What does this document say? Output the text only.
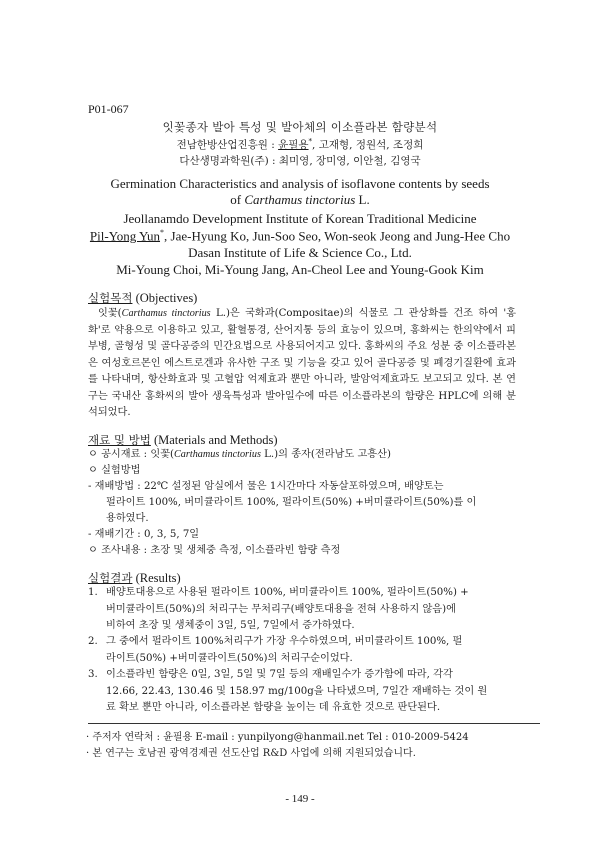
P01-067
잇꽃종자 발아 특성 및 발아체의 이소플라본 함량분석
전남한방산업진흥원 : 윤필용*, 고재형, 정원석, 조정희
다산생명과학원(주) : 최미영, 장미영, 이안철, 김영국
Germination Characteristics and analysis of isoflavone contents by seeds
of Carthamus tinctorius L.
Jeollanamdo Development Institute of Korean Traditional Medicine
Pil-Yong Yun*, Jae-Hyung Ko, Jun-Soo Seo, Won-seok Jeong and Jung-Hee Cho
Dasan Institute of Life & Science Co., Ltd.
Mi-Young Choi, Mi-Young Jang, An-Cheol Lee and Young-Gook Kim
실험목적 (Objectives)
잇꽃(Carthamus tinctorius L.)은 국화과(Compositae)의 식물로 그 관상화를 건조 하여 '홍화'로 약용으로 이용하고 있고, 활혈통경, 산어지통 등의 효능이 있으며, 홍화씨는 한의약에서 피부병, 골형성 및 골다공증의 민간요법으로 사용되어지고 있다. 홍화씨의 주요 성분 중 이소플라본은 여성호르몬인 에스트로겐과 유사한 구조 및 기능을 갖고 있어 골다공증 및 폐경기질환에 효과를 나타내며, 항산화효과 및 고혈압 억제효과 뿐만 아니라, 발암억제효과도 보고되고 있다. 본 연구는 국내산 홍화씨의 발아 생육특성과 발아일수에 따른 이소플라본의 함량은 HPLC에 의해 분석되었다.
재료 및 방법 (Materials and Methods)
ㅇ 공시재료 : 잇꽃(Carthamus tinctorius L.)의 종자(전라남도 고흥산)
ㅇ 실험방법
- 재배방법 : 22℃ 설정된 암실에서 물은 1시간마다 자동살포하였으며, 배양토는
펄라이트 100%, 버미큘라이트 100%, 펄라이트(50%) +버미큘라이트(50%)를 이
용하였다.
- 재배기간 : 0, 3, 5, 7일
ㅇ 조사내용 : 초장 및 생체중 측정, 이소플라빈 함량 측정
실험결과 (Results)
1. 배양토대용으로 사용된 펄라이트 100%, 버미큘라이트 100%, 펄라이트(50%) +
버미큘라이트(50%)의 처리구는 무처리구(배양토대용을 전혀 사용하지 않음)에
비하여 초장 및 생체중이 3일, 5일, 7일에서 증가하였다.
2. 그 중에서 펄라이트 100%처리구가 가장 우수하였으며, 버미큘라이트 100%, 펄
라이트(50%) +버미큘라이트(50%)의 처리구순이었다.
3. 이소플라빈 함량은 0일, 3일, 5일 및 7일 등의 재배일수가 증가함에 따라, 각각
12.66, 22.43, 130.46 및 158.97 mg/100g을 나타냈으며, 7일간 재배하는 것이 원
료 확보 뿐만 아니라, 이소플라본 함량을 높이는 데 유효한 것으로 판단된다.
· 주저자 연락처 : 윤필용 E-mail : yunpilyong@hanmail.net Tel : 010-2009-5424
· 본 연구는 호남권 광역경제권 선도산업 R&D 사업에 의해 지원되었습니다.
- 149 -
